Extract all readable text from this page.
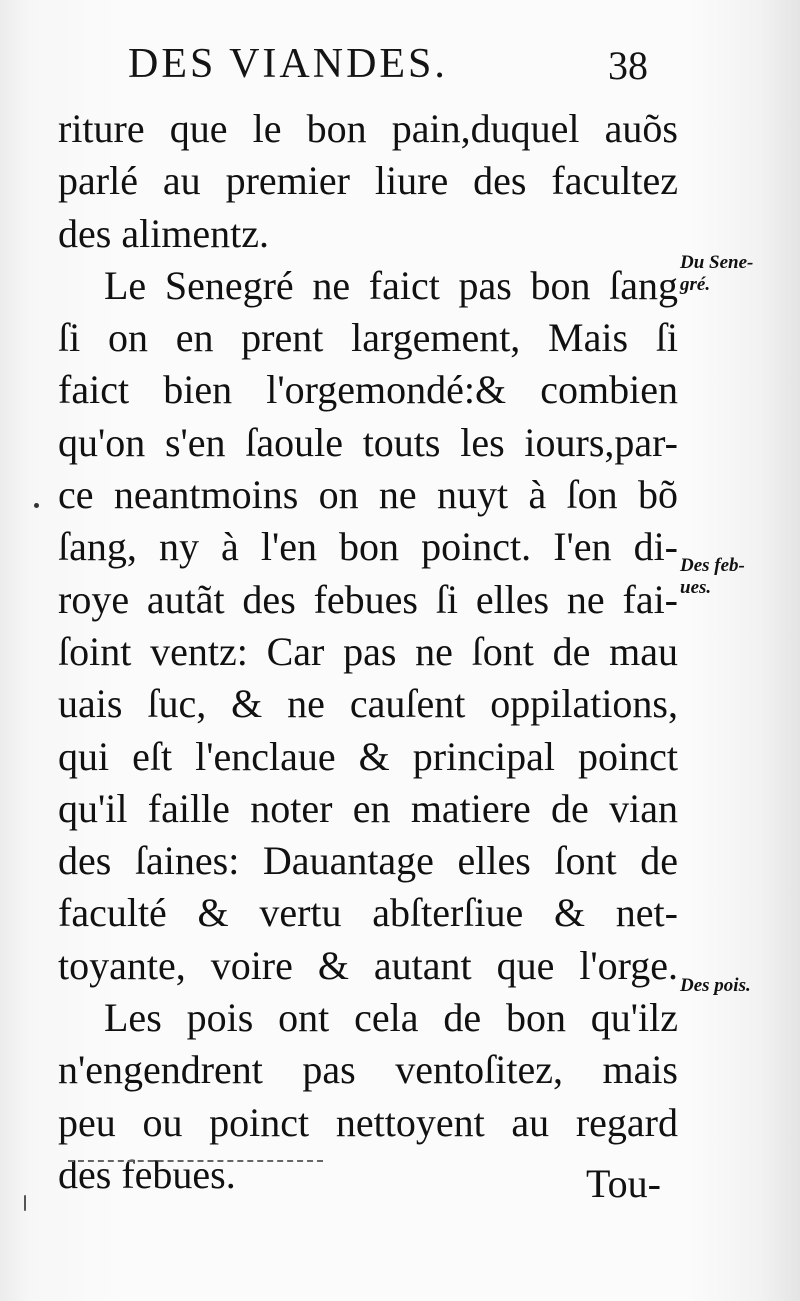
DES VIANDES.	38
riture que le bon pain,duquel auõs
parlé au premier liure des facultez
des alimentz.
Le Senegré ne faict pas bon ſang
ſi on en prent largement, Mais ſi
faict bien l'orgemondé:& combien
qu'on s'en ſaoule touts les iours,par-
ce neantmoins on ne nuyt à ſon bõ
ſang, ny à l'en bon poinct. I'en di-
roye autãt des febues ſi elles ne fai-
ſoint ventz: Car pas ne ſont de mau
uais ſuc, & ne cauſent oppilations,
qui eſt l'enclaue & principal poinct
qu'il faille noter en matiere de vian
des ſaines: Dauantage elles ſont de
faculté & vertu abſterſiue & net-
toyante, voire & autant que l'orge.
Les pois ont cela de bon qu'ilz
n'engendrent pas ventoſitez, mais
peu ou poinct nettoyent au regard
des febues.	Tou-
Du Sene-
gré.
Des feb-
ues.
Des pois.
